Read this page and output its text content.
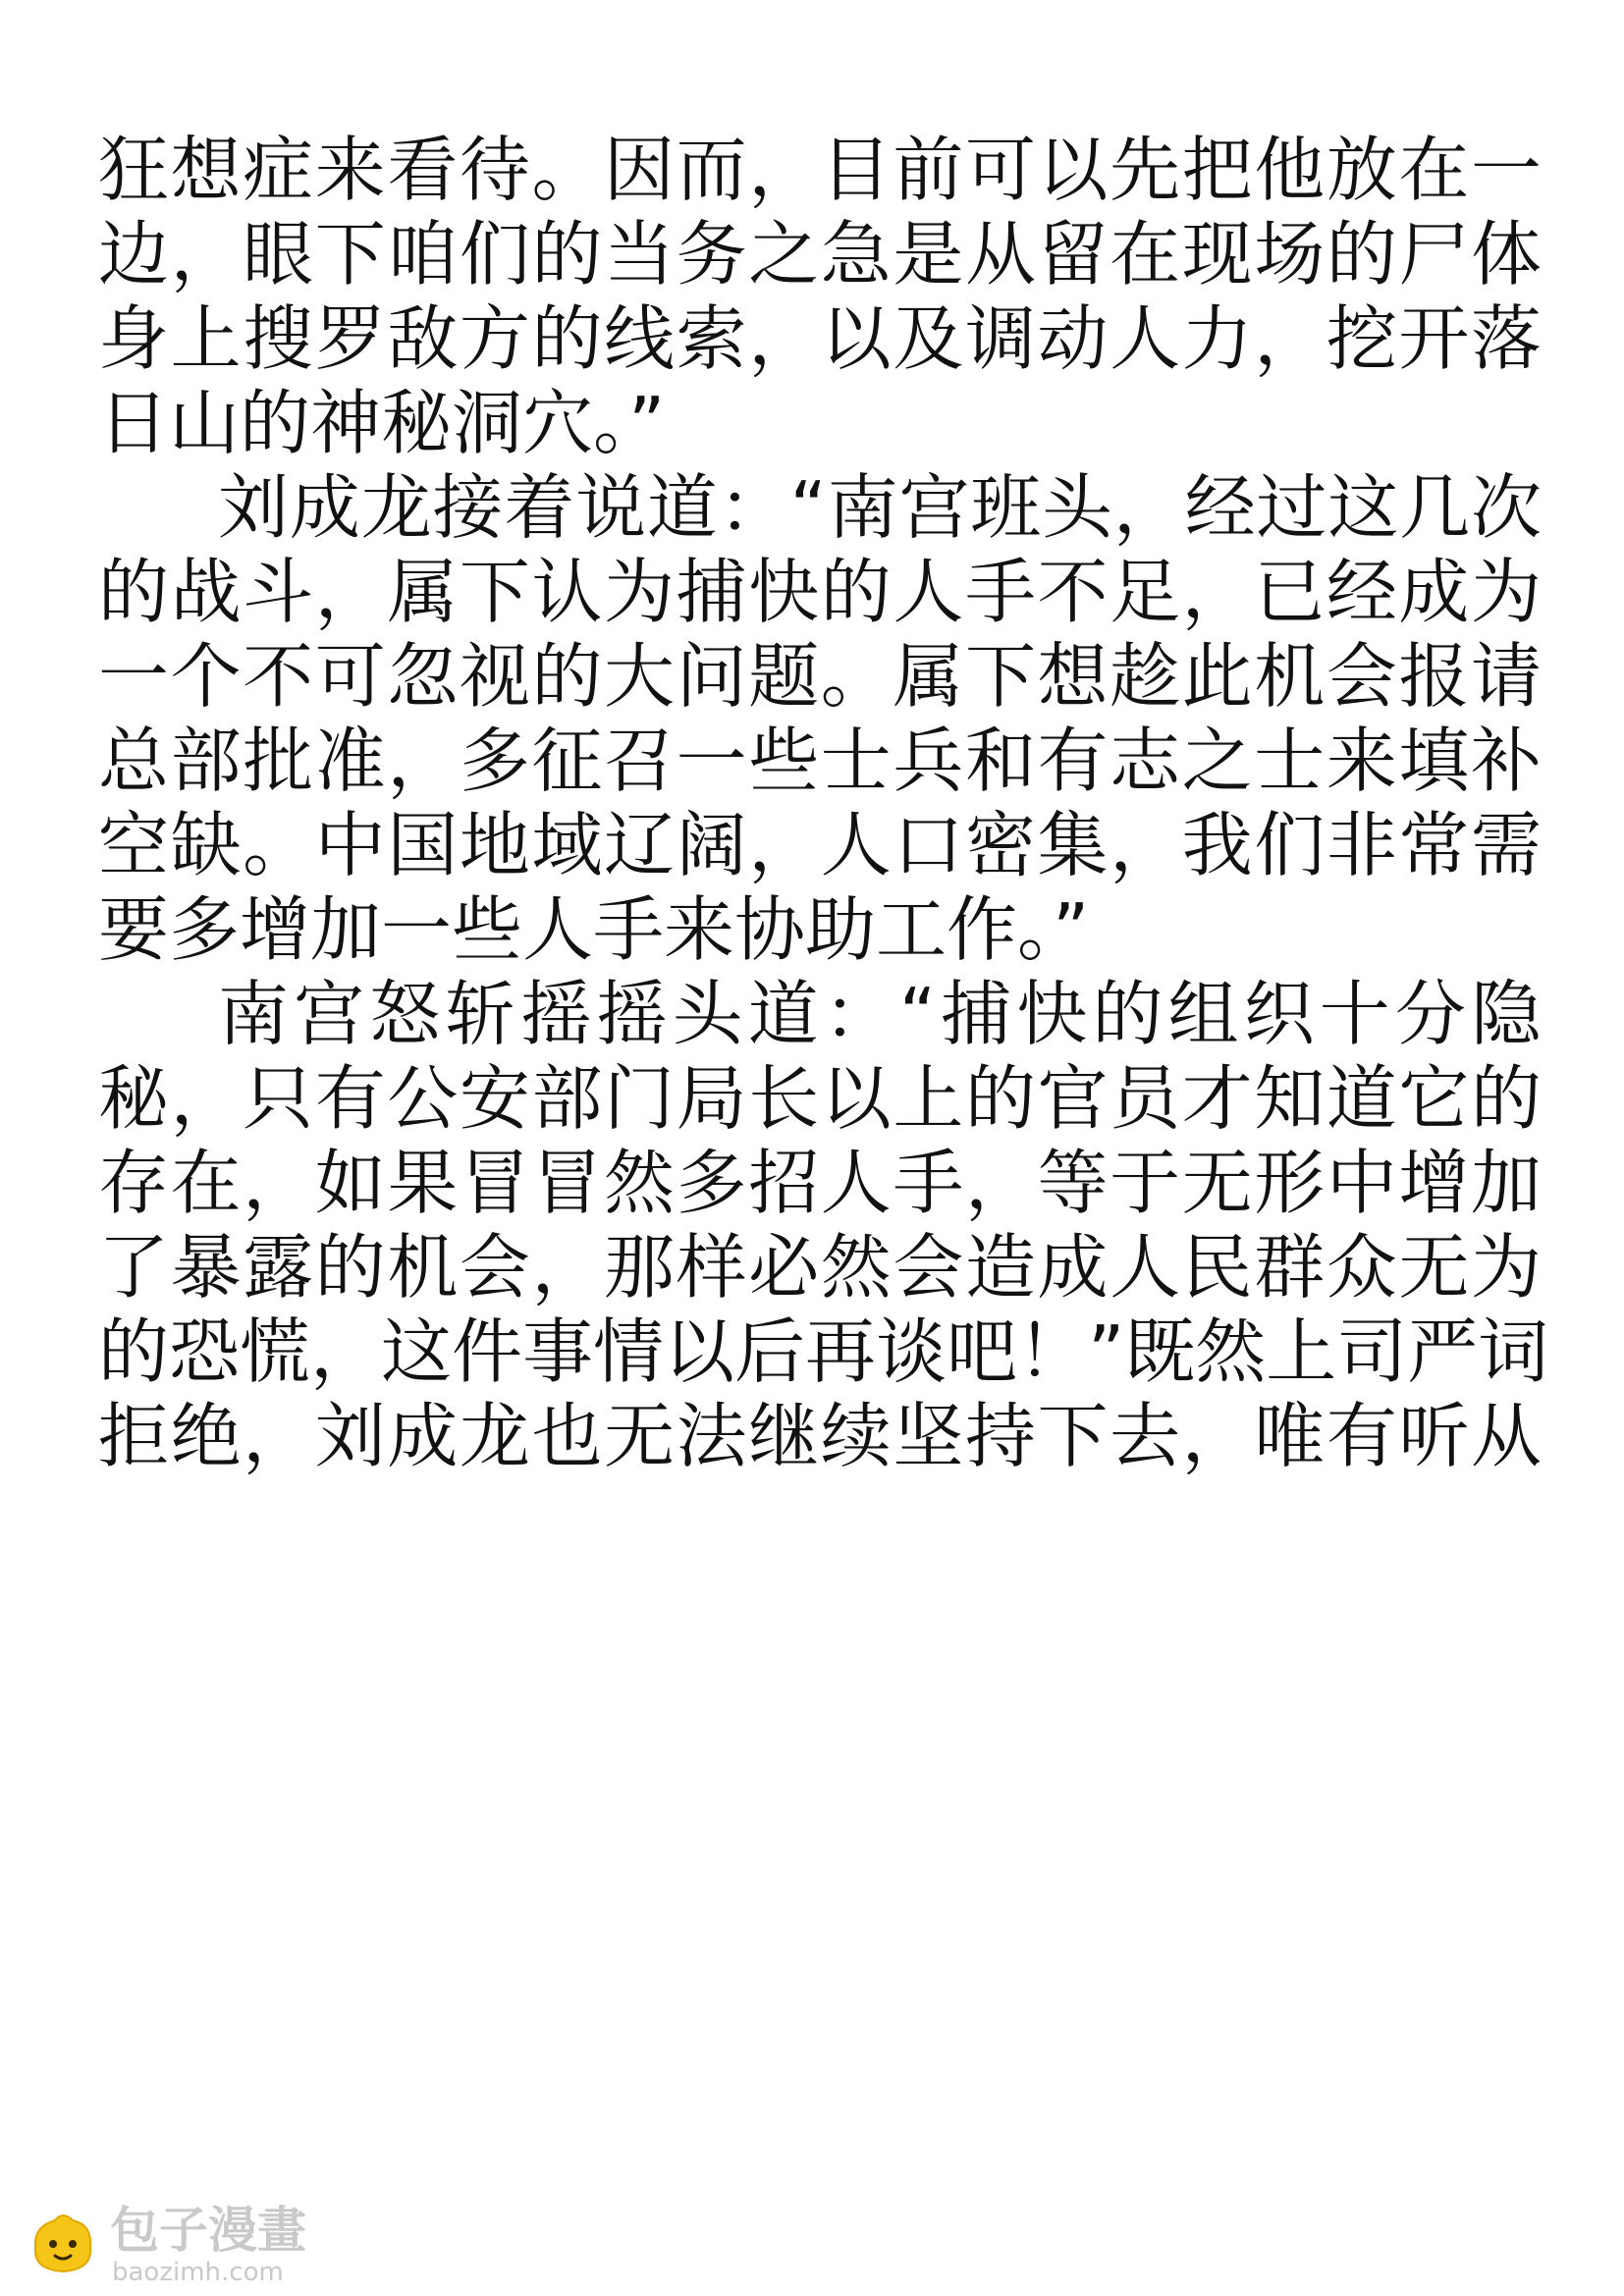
狂想症来看待。因而，目前可以先把他放在一
边，眼下咱们的当务之急是从留在现场的尸体
身上搜罗敌方的线索，以及调动人力，挖开落
日山的神秘洞穴。”
刘成龙接着说道：“南宫班头，经过这几次
的战斗，属下认为捕快的人手不足，已经成为
一个不可忽视的大问题。属下想趁此机会报请
总部批准，多征召一些士兵和有志之士来填补
空缺。中国地域辽阔，人口密集，我们非常需
要多增加一些人手来协助工作。”
南宫怒斩摇摇头道：“捕快的组织十分隐
秘，只有公安部门局长以上的官员才知道它的
存在，如果冒冒然多招人手，等于无形中增加
了暴露的机会，那样必然会造成人民群众无为
的恐慌，这件事情以后再谈吧！”既然上司严词
拒绝，刘成龙也无法继续坚持下去，唯有听从
包子漫畫
baozimh.com
